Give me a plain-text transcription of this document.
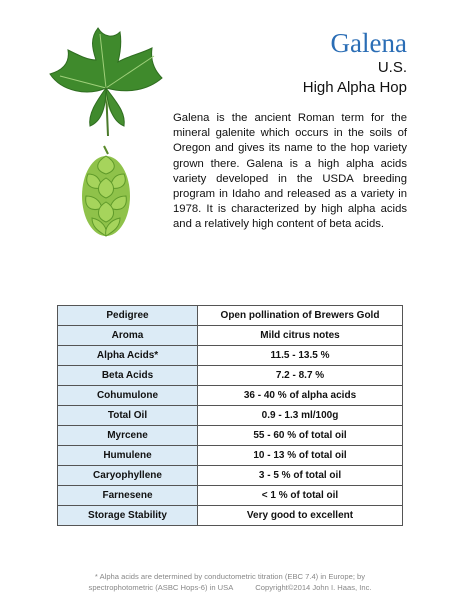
Galena
U.S.
High Alpha Hop

Galena is the ancient Roman term for the mineral galenite which occurs in the soils of Oregon and gives its name to the hop variety grown there. Galena is a high alpha acids variety developed in the USDA breeding program in Idaho and released as a variety in 1978. It is characterized by high alpha acids and a relatively high content of beta acids.

Pedigree	Open pollination of Brewers Gold
Aroma	Mild citrus notes
Alpha Acids*	11.5 - 13.5 %
Beta Acids	7.2 - 8.7 %
Cohumulone	36 - 40 % of alpha acids
Total Oil	0.9 - 1.3 ml/100g
Myrcene	55 - 60 % of total oil
Humulene	10 - 13 % of total oil
Caryophyllene	3 - 5 % of total oil
Farnesene	< 1 % of total oil
Storage Stability	Very good to excellent

* Alpha acids are determined by conductometric titration (EBC 7.4) in Europe; by
spectrophotometric (ASBC Hops-6) in USA	Copyright©2014 John I. Haas, Inc.
